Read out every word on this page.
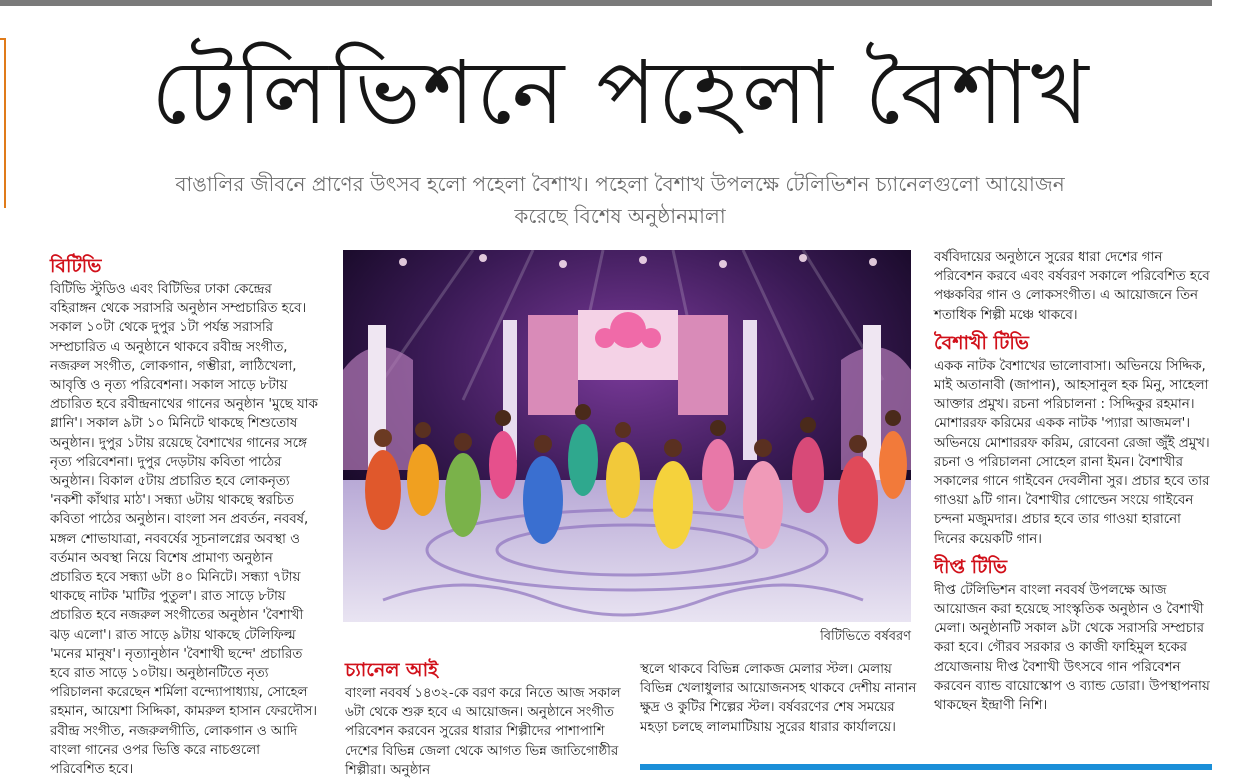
টেলিভিশনে পহেলা বৈশাখ
বাঙালির জীবনে প্রাণের উৎসব হলো পহেলা বৈশাখ। পহেলা বৈশাখ উপলক্ষে টেলিভিশন চ্যানেলগুলো আয়োজন করেছে বিশেষ অনুষ্ঠানমালা
বিটিভি

বিটিভি স্টুডিও এবং বিটিভির ঢাকা কেন্দ্রের বহিরাঙ্গন থেকে সরাসরি অনুষ্ঠান সম্প্রচারিত হবে। সকাল ১০টা থেকে দুপুর ১টা পর্যন্ত সরাসরি সম্প্রচারিত এ অনুষ্ঠানে থাকবে রবীন্দ্র সংগীত, নজরুল সংগীত, লোকগান, গম্ভীরা, লাঠিখেলা, আবৃত্তি ও নৃত্য পরিবেশনা। সকাল সাড়ে ৮টায় প্রচারিত হবে রবীন্দ্রনাথের গানের অনুষ্ঠান 'মুছে যাক গ্লানি'। সকাল ৯টা ১০ মিনিটে থাকছে শিশুতোষ অনুষ্ঠান। দুপুর ১টায় রয়েছে বৈশাখের গানের সঙ্গে নৃত্য পরিবেশনা। দুপুর দেড়টায় কবিতা পাঠের অনুষ্ঠান। বিকাল ৫টায় প্রচারিত হবে লোকনৃত্য 'নকশী কাঁথার মাঠ'। সন্ধ্যা ৬টায় থাকছে স্বরচিত কবিতা পাঠের অনুষ্ঠান। বাংলা সন প্রবর্তন, নববর্ষ, মঙ্গল শোভাযাত্রা, নববর্ষের সূচনালগ্নের অবস্থা ও বর্তমান অবস্থা নিয়ে বিশেষ প্রামাণ্য অনুষ্ঠান প্রচারিত হবে সন্ধ্যা ৬টা ৪০ মিনিটে। সন্ধ্যা ৭টায় থাকছে নাটক 'মাটির পুতুল'। রাত সাড়ে ৮টায় প্রচারিত হবে নজরুল সংগীতের অনুষ্ঠান 'বৈশাখী ঝড় এলো'। রাত সাড়ে ৯টায় থাকছে টেলিফিল্ম 'মনের মানুষ'। নৃত্যানুষ্ঠান 'বৈশাখী ছন্দে' প্রচারিত হবে রাত সাড়ে ১০টায়। অনুষ্ঠানটিতে নৃত্য পরিচালনা করেছেন শর্মিলা বন্দ্যোপাধ্যায়, সোহেল রহমান, আয়েশা সিদ্দিকা, কামরুল হাসান ফেরদৌস। রবীন্দ্র সংগীত, নজরুলগীতি, লোকগান ও আদি বাংলা গানের ওপর ভিত্তি করে নাচগুলো পরিবেশিত হবে।

বিটিভিতে বর্ষবরণ
চ্যানেল আই

বাংলা নববর্ষ ১৪৩২-কে বরণ করে নিতে আজ সকাল ৬টা থেকে শুরু হবে এ আয়োজন। অনুষ্ঠানে সংগীত পরিবেশন করবেন সুরের ধারার শিল্পীদের পাশাপাশি দেশের বিভিন্ন জেলা থেকে আগত ভিন্ন জাতিগোষ্ঠীর শিল্পীরা। অনুষ্ঠান

স্থলে থাকবে বিভিন্ন লোকজ মেলার স্টল। মেলায় বিভিন্ন খেলাধুলার আয়োজনসহ থাকবে দেশীয় নানান ক্ষুদ্র ও কুটির শিল্পের স্টল। বর্ষবরণের শেষ সময়ের মহড়া চলছে লালমাটিয়ায় সুরের ধারার কার্যালয়ে।

বর্ষবিদায়ের অনুষ্ঠানে সুরের ধারা দেশের গান পরিবেশন করবে এবং বর্ষবরণ সকালে পরিবেশিত হবে পঞ্চকবির গান ও লোকসংগীত। এ আয়োজনে তিন শতাধিক শিল্পী মঞ্চে থাকবে।

বৈশাখী টিভি

একক নাটক বৈশাখের ভালোবাসা। অভিনয়ে সিদ্দিক, মাই অতানাবী (জাপান), আহসানুল হক মিনু, সাহেলা আক্তার প্রমুখ। রচনা পরিচালনা : সিদ্দিকুর রহমান। মোশাররফ করিমের একক নাটক 'প্যারা আজমল'। অভিনয়ে মোশাররফ করিম, রোবেনা রেজা জুঁই প্রমুখ। রচনা ও পরিচালনা সোহেল রানা ইমন। বৈশাখীর সকালের গানে গাইবেন দেবলীনা সুর। প্রচার হবে তার গাওয়া ৯টি গান। বৈশাখীর গোল্ডেন সংয়ে গাইবেন চন্দনা মজুমদার। প্রচার হবে তার গাওয়া হারানো দিনের কয়েকটি গান।

দীপ্ত টিভি

দীপ্ত টেলিভিশন বাংলা নববর্ষ উপলক্ষে আজ আয়োজন করা হয়েছে সাংস্কৃতিক অনুষ্ঠান ও বৈশাখী মেলা। অনুষ্ঠানটি সকাল ৯টা থেকে সরাসরি সম্প্রচার করা হবে। গৌরব সরকার ও কাজী ফাহিমুল হকের প্রযোজনায় দীপ্ত বৈশাখী উৎসবে গান পরিবেশন করবেন ব্যান্ড বায়োস্কোপ ও ব্যান্ড ডোরা। উপস্থাপনায় থাকছেন ইন্দ্রাণী নিশি।
